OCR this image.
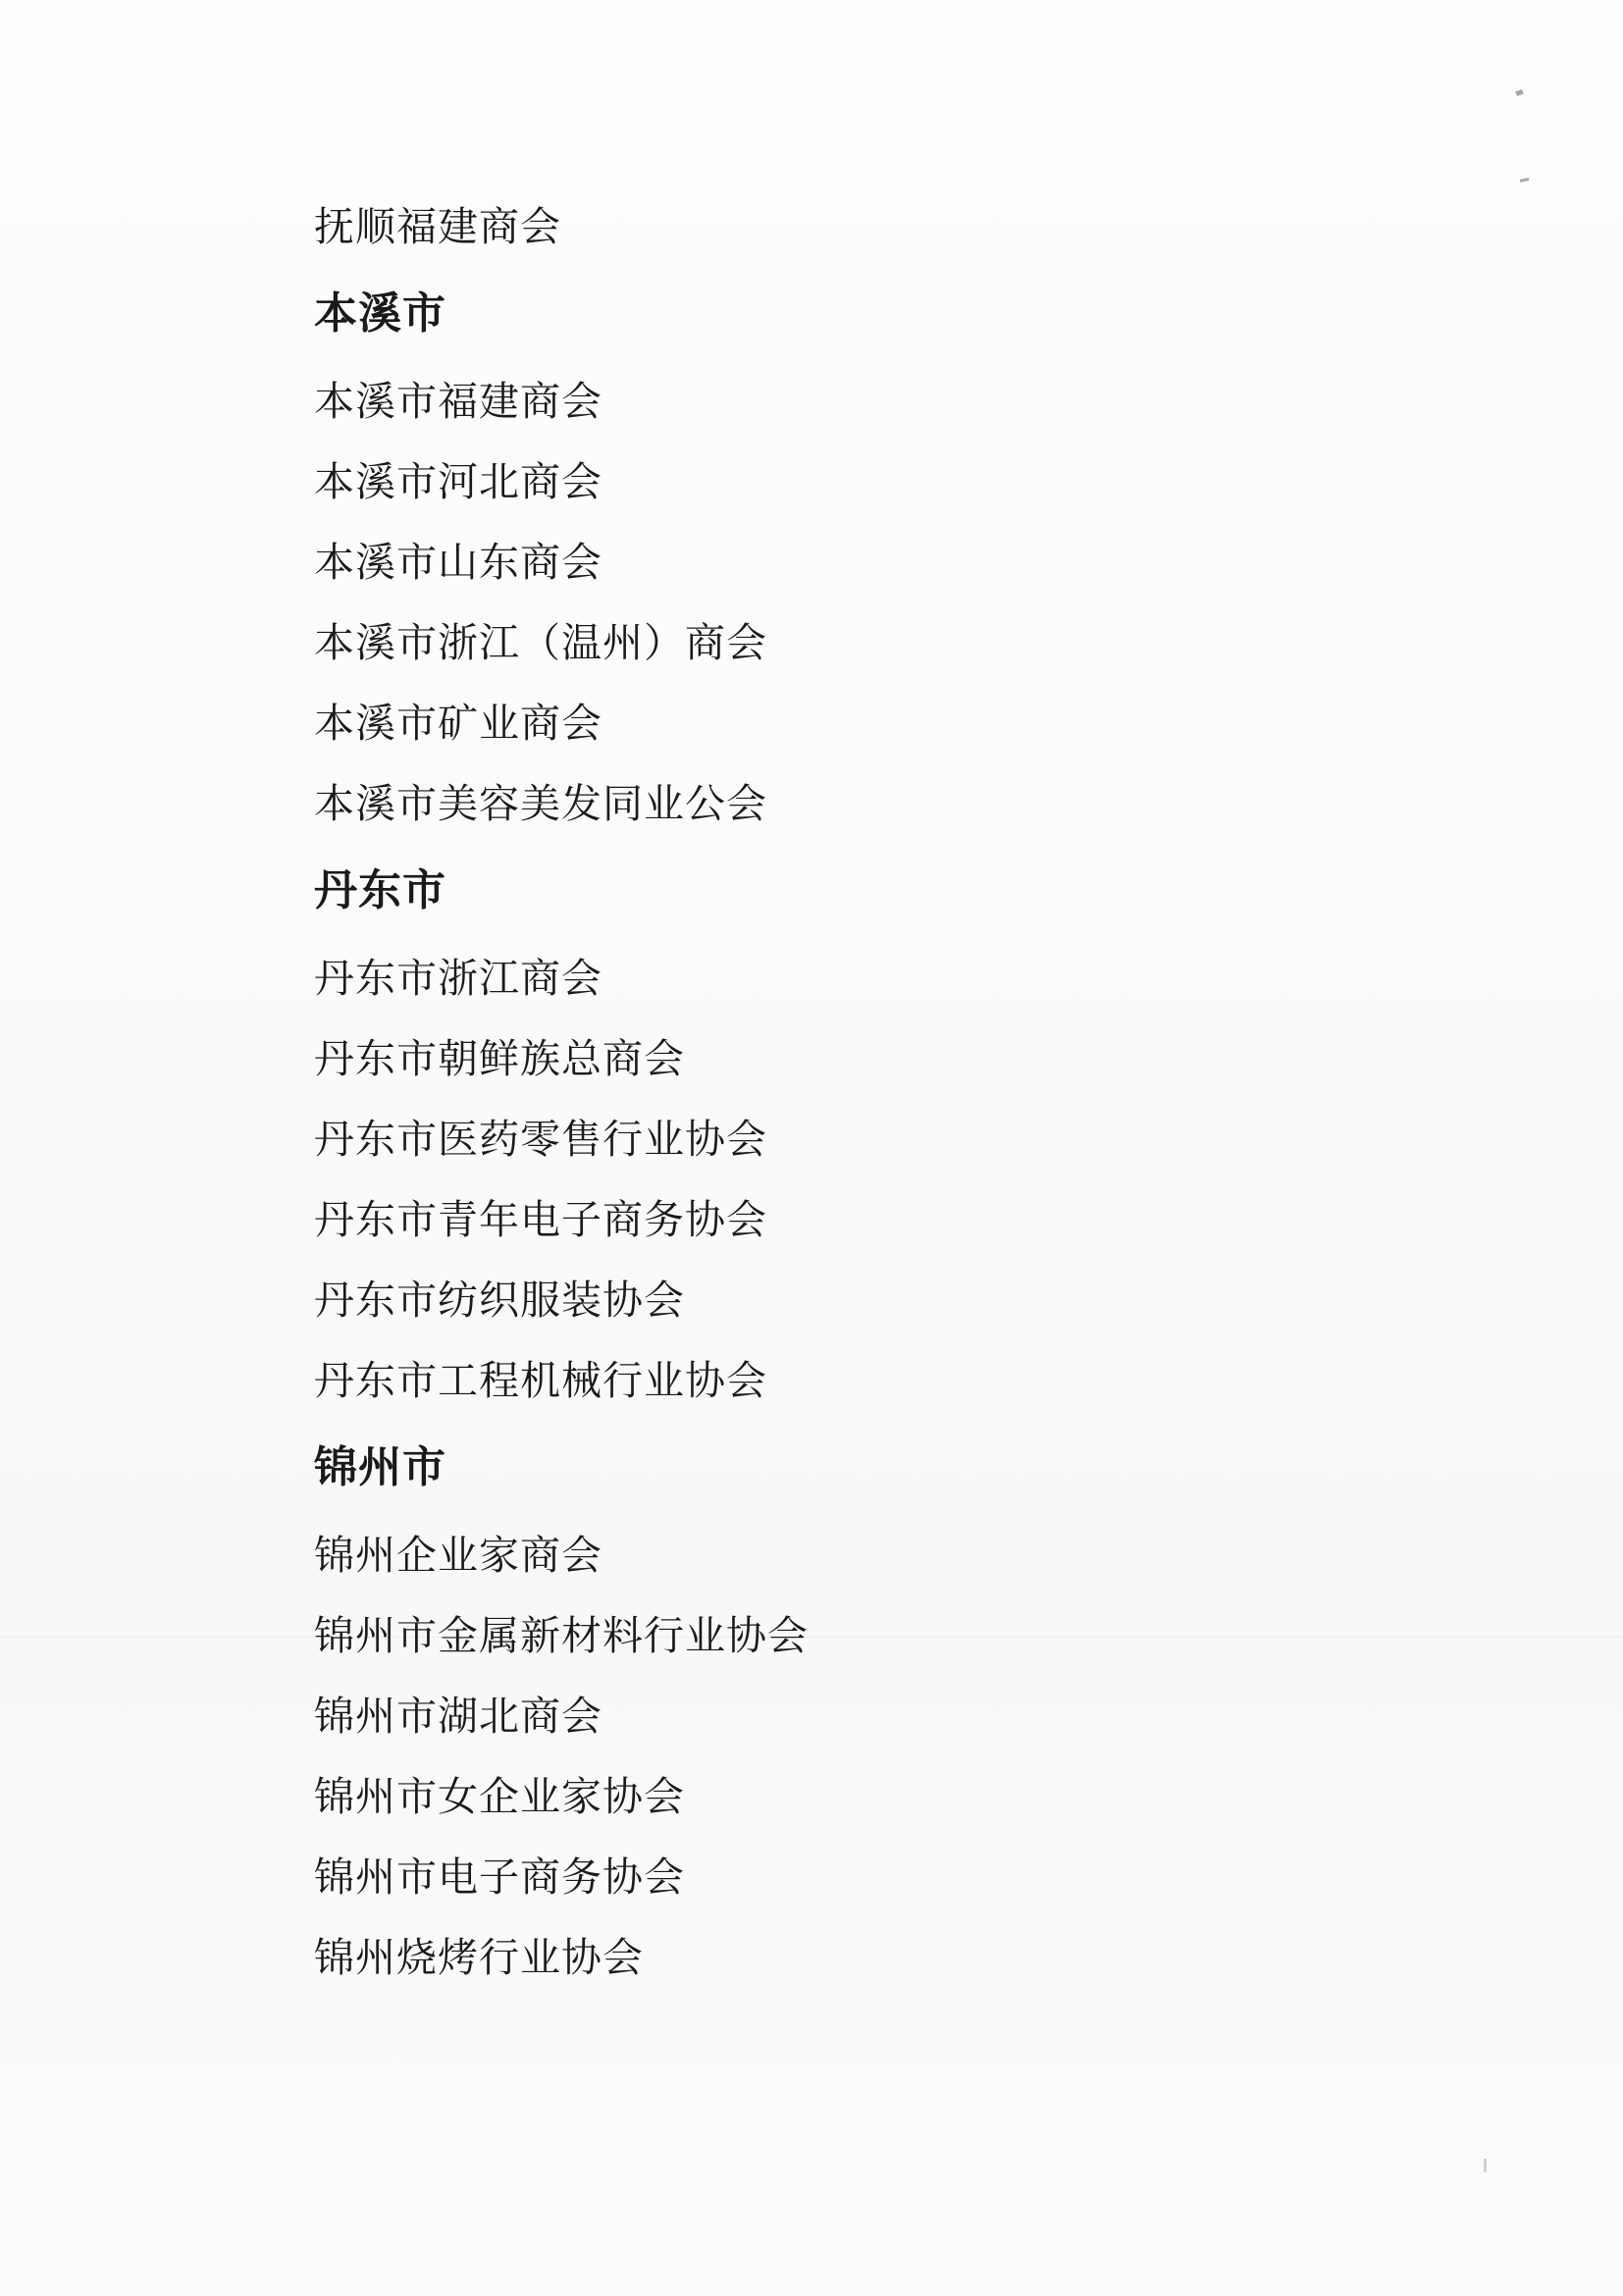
抚顺福建商会
本溪市
本溪市福建商会
本溪市河北商会
本溪市山东商会
本溪市浙江（温州）商会
本溪市矿业商会
本溪市美容美发同业公会
丹东市
丹东市浙江商会
丹东市朝鲜族总商会
丹东市医药零售行业协会
丹东市青年电子商务协会
丹东市纺织服装协会
丹东市工程机械行业协会
锦州市
锦州企业家商会
锦州市金属新材料行业协会
锦州市湖北商会
锦州市女企业家协会
锦州市电子商务协会
锦州烧烤行业协会
